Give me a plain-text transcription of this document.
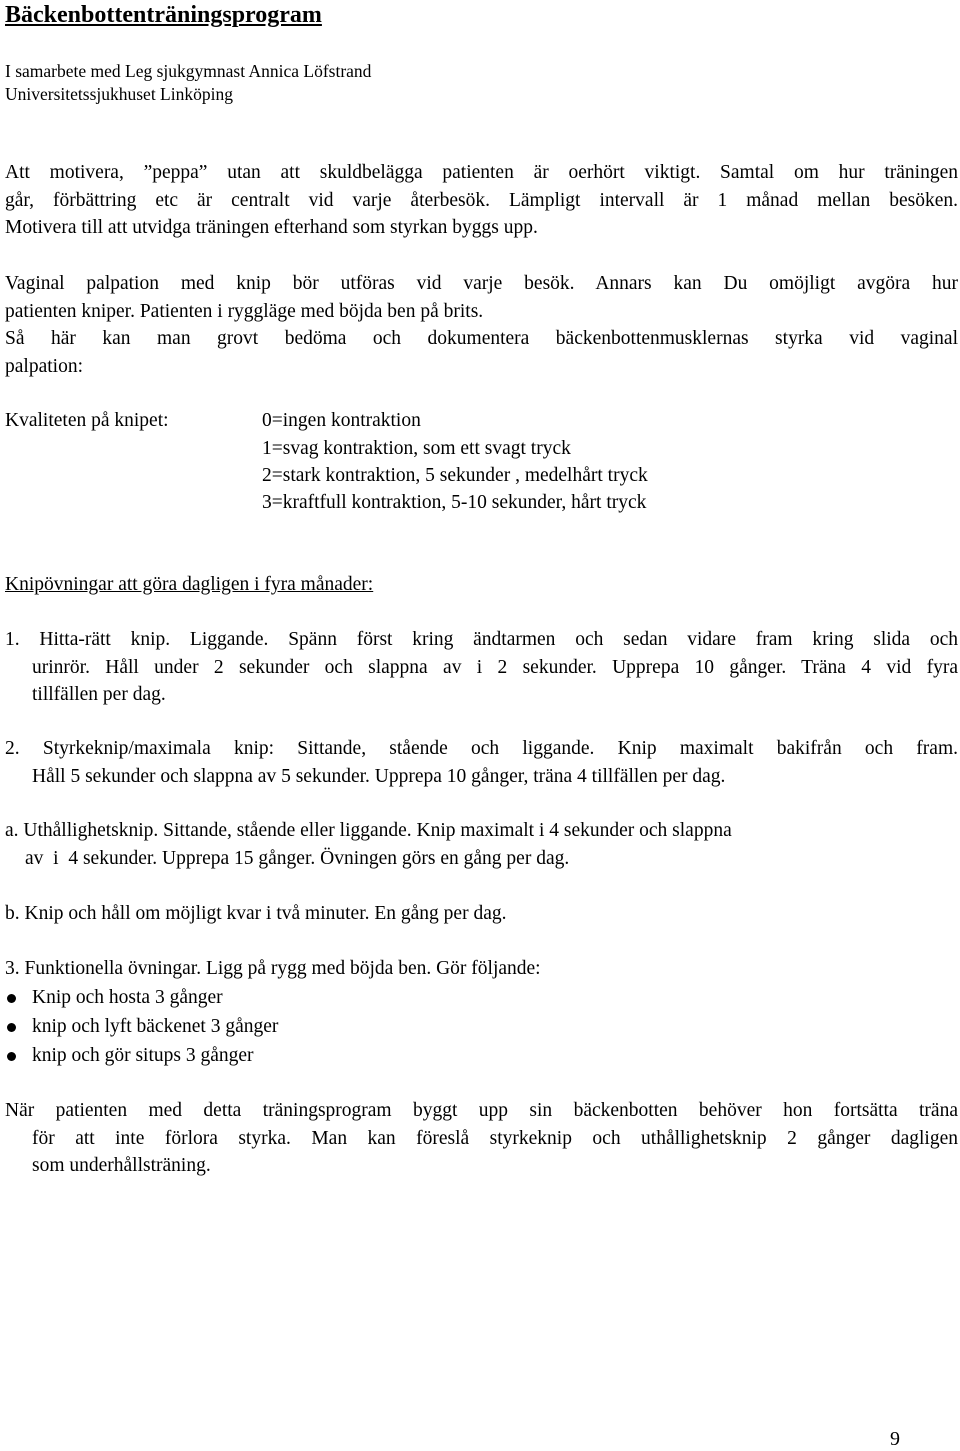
Bäckenbottenträningsprogram
I samarbete med Leg sjukgymnast Annica Löfstrand
Universitetssjukhuset Linköping
Att motivera, ”peppa” utan att skuldbelägga patienten är oerhört viktigt. Samtal om hur träningen
går, förbättring etc är centralt vid varje återbesök. Lämpligt intervall är 1 månad mellan besöken.
Motivera till att utvidga träningen efterhand som styrkan byggs upp.
Vaginal palpation med knip bör utföras vid varje besök. Annars kan Du omöjligt avgöra hur
patienten kniper. Patienten i ryggläge med böjda ben på brits.
Så här kan man grovt bedöma och dokumentera bäckenbottenmusklernas styrka vid vaginal
palpation:
Kvaliteten på knipet:	0=ingen kontraktion
1=svag kontraktion, som ett svagt tryck
2=stark kontraktion, 5 sekunder , medelhårt tryck
3=kraftfull kontraktion, 5-10 sekunder, hårt tryck
Knipövningar att göra dagligen i fyra månader:
1. Hitta-rätt knip. Liggande. Spänn först kring ändtarmen och sedan vidare fram kring slida och
urinrör. Håll under 2 sekunder och slappna av i 2 sekunder. Upprepa 10 gånger. Träna 4 vid fyra
tillfällen per dag.
2. Styrkeknip/maximala knip: Sittande, stående och liggande. Knip maximalt bakifrån och fram.
Håll 5 sekunder och slappna av 5 sekunder. Upprepa 10 gånger, träna 4 tillfällen per dag.
a. Uthållighetsknip. Sittande, stående eller liggande. Knip maximalt i 4 sekunder och slappna
av  i  4 sekunder. Upprepa 15 gånger. Övningen görs en gång per dag.
b. Knip och håll om möjligt kvar i två minuter. En gång per dag.
3. Funktionella övningar. Ligg på rygg med böjda ben. Gör följande:
Knip och hosta 3 gånger
knip och lyft bäckenet 3 gånger
knip och gör situps 3 gånger
När patienten med detta träningsprogram byggt upp sin bäckenbotten behöver hon fortsätta träna
för att inte förlora styrka. Man kan föreslå styrkeknip och uthållighetsknip 2 gånger dagligen
som underhållsträning.
9
